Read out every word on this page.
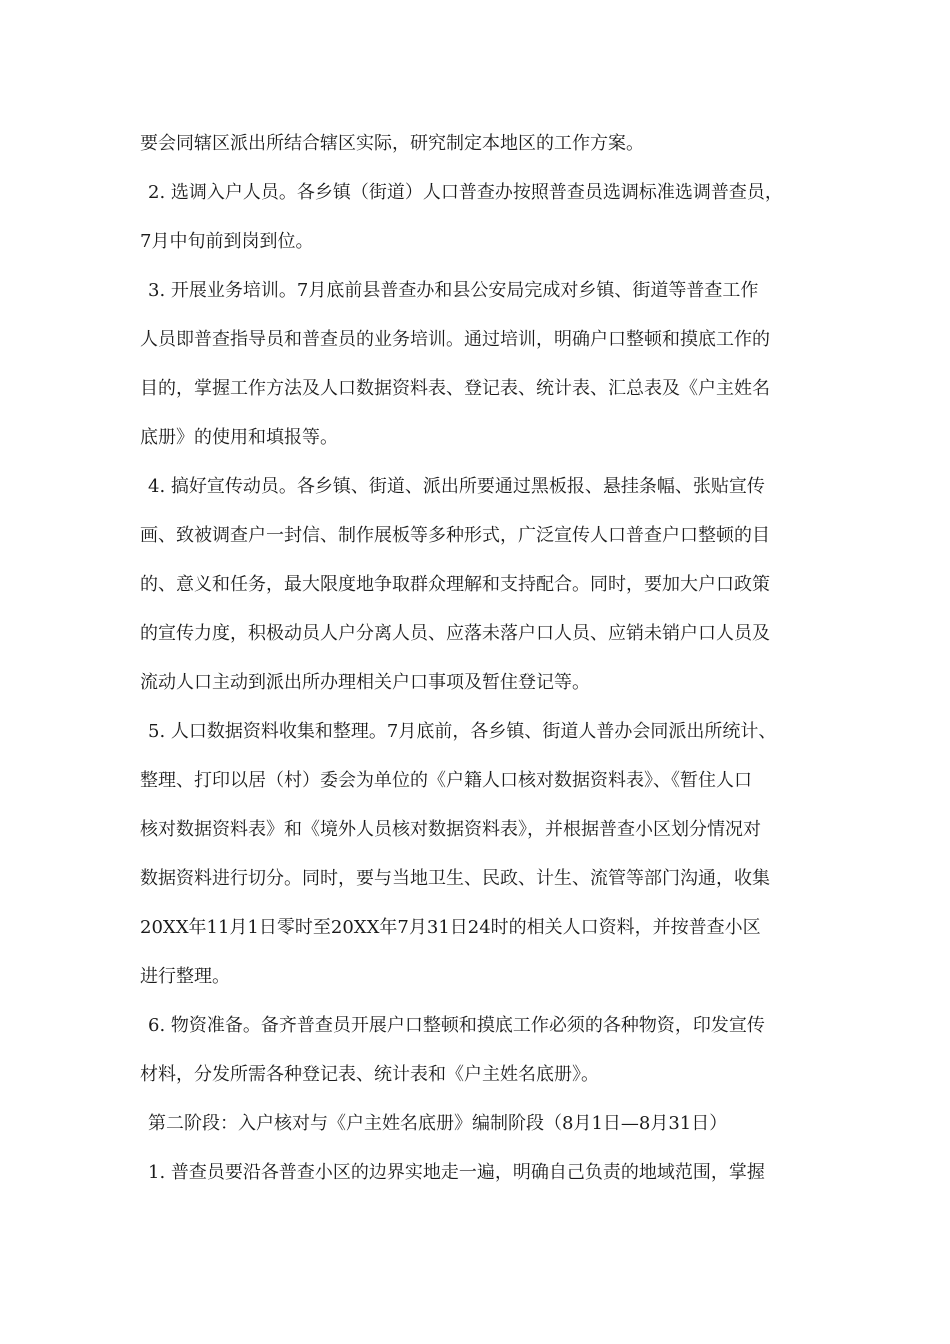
要会同辖区派出所结合辖区实际，研究制定本地区的工作方案。
2. 选调入户人员。各乡镇（街道）人口普查办按照普查员选调标准选调普查员，
7月中旬前到岗到位。
3. 开展业务培训。7月底前县普查办和县公安局完成对乡镇、街道等普查工作
人员即普查指导员和普查员的业务培训。通过培训，明确户口整顿和摸底工作的
目的，掌握工作方法及人口数据资料表、登记表、统计表、汇总表及《户主姓名
底册》的使用和填报等。
4. 搞好宣传动员。各乡镇、街道、派出所要通过黑板报、悬挂条幅、张贴宣传
画、致被调查户一封信、制作展板等多种形式，广泛宣传人口普查户口整顿的目
的、意义和任务，最大限度地争取群众理解和支持配合。同时，要加大户口政策
的宣传力度，积极动员人户分离人员、应落未落户口人员、应销未销户口人员及
流动人口主动到派出所办理相关户口事项及暂住登记等。
5. 人口数据资料收集和整理。7月底前，各乡镇、街道人普办会同派出所统计、
整理、打印以居（村）委会为单位的《户籍人口核对数据资料表》、《暂住人口
核对数据资料表》和《境外人员核对数据资料表》，并根据普查小区划分情况对
数据资料进行切分。同时，要与当地卫生、民政、计生、流管等部门沟通，收集
20XX年11月1日零时至20XX年7月31日24时的相关人口资料，并按普查小区
进行整理。
6. 物资准备。备齐普查员开展户口整顿和摸底工作必须的各种物资，印发宣传
材料，分发所需各种登记表、统计表和《户主姓名底册》。
第二阶段：入户核对与《户主姓名底册》编制阶段（8月1日—8月31日）
1. 普查员要沿各普查小区的边界实地走一遍，明确自己负责的地域范围，掌握
